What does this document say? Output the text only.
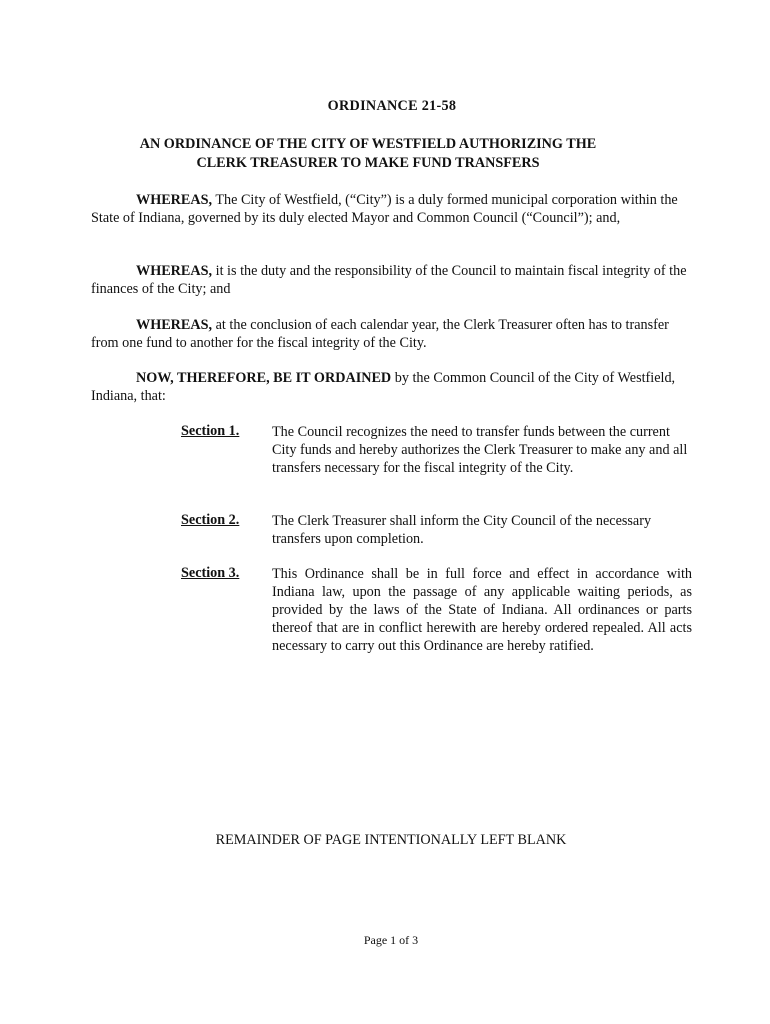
ORDINANCE 21-58
AN ORDINANCE OF THE CITY OF WESTFIELD AUTHORIZING THE
CLERK TREASURER TO MAKE FUND TRANSFERS
WHEREAS, The City of Westfield, (“City”) is a duly formed municipal corporation within the State of Indiana, governed by its duly elected Mayor and Common Council (“Council”); and,
WHEREAS, it is the duty and the responsibility of the Council to maintain fiscal integrity of the finances of the City; and
WHEREAS, at the conclusion of each calendar year, the Clerk Treasurer often has to transfer from one fund to another for the fiscal integrity of the City.
NOW, THEREFORE, BE IT ORDAINED by the Common Council of the City of Westfield, Indiana, that:
Section 1. The Council recognizes the need to transfer funds between the current City funds and hereby authorizes the Clerk Treasurer to make any and all transfers necessary for the fiscal integrity of the City.
Section 2. The Clerk Treasurer shall inform the City Council of the necessary transfers upon completion.
Section 3. This Ordinance shall be in full force and effect in accordance with Indiana law, upon the passage of any applicable waiting periods, as provided by the laws of the State of Indiana. All ordinances or parts thereof that are in conflict herewith are hereby ordered repealed. All acts necessary to carry out this Ordinance are hereby ratified.
REMAINDER OF PAGE INTENTIONALLY LEFT BLANK
Page 1 of 3
